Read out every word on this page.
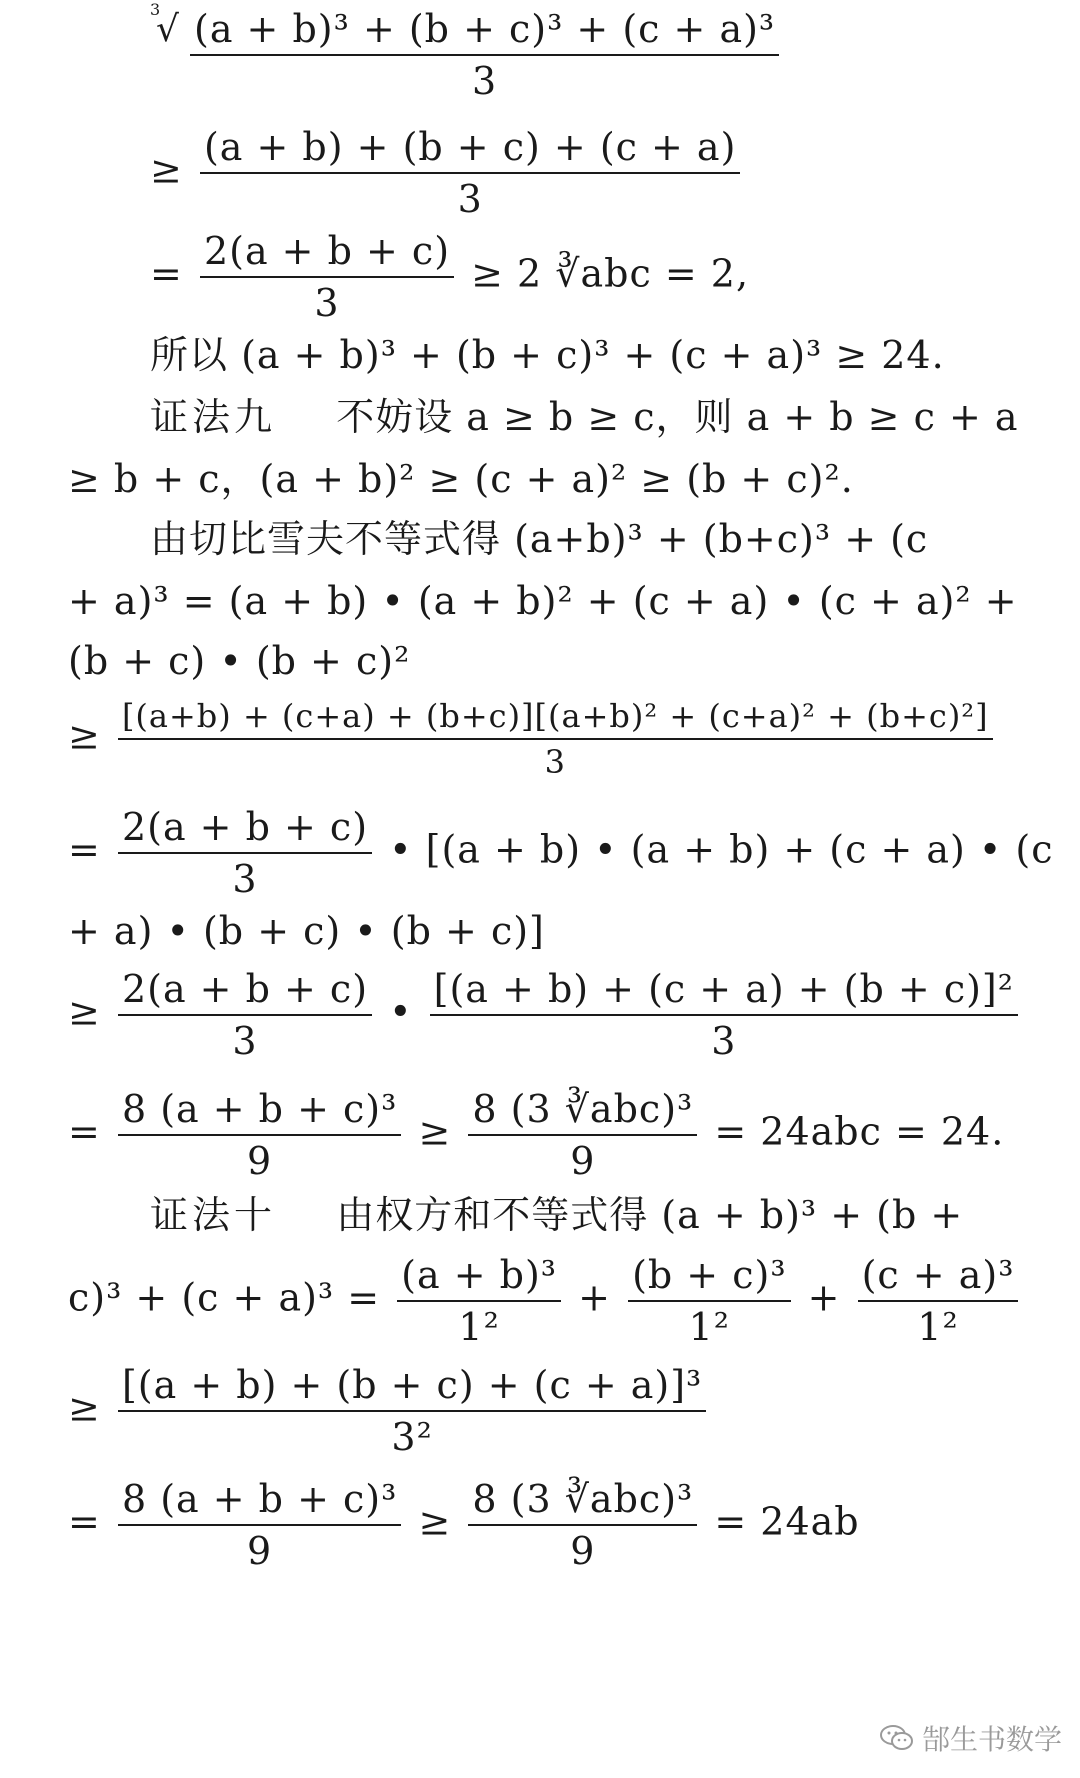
3
√ $\frac{\text{(a + b)³ + (b + c)³ + (c + a)³}}{3}$
≥ $\frac{(a + b) + (b + c) + (c + a)}{3}$
= $\frac{2(a + b + c)}{3} \ge 2$ ∛abc = 2,
所以 (a + b)³ + (b + c)³ + (c + a)³ ≥ 24.
证法九 不妨设 a ≥ b ≥ c，则 a + b ≥ c + a
≥ b + c，(a + b)² ≥ (c + a)² ≥ (b + c)².
由切比雪夫不等式得 (a+b)³ + (b+c)³ + (c
+ a)³ = (a + b) • (a + b)² + (c + a) • (c + a)² +
(b + c) • (b + c)²
≥ $\frac{\text{[(a+b) + (c+a) + (b+c)][(a+b)² + (c+a)² + (b+c)²]}}{3}$
= $\frac{2(a + b + c)}{3}$ • [(a + b) • (a + b) + (c + a) • (c
+ a) • (b + c) • (b + c)]
≥ $\frac{2(a + b + c)}{3}$ • $\frac{\text{[(a + b) + (c + a) + (b + c)]²}}{3}$
= $\frac{\text{8 (a + b + c)³}}{9} \ge \frac{\text{8 (3 ∛abc)³}}{9} = 24abc = 24$.
证法十 由权方和不等式得 (a + b)³ + (b +
$c)^3 + (c + a)^3 = \frac{\text{(a + b)³}}{\text{1²}} + \frac{\text{(b + c)³}}{\text{1²}} + \frac{\text{(c + a)³}}{\text{1²}}$
≥ $\frac{\text{[(a + b) + (b + c) + (c + a)]³}}{\text{3²}}$
= $\frac{\text{8 (a + b + c)³}}{9} \ge \frac{\text{8 (3 ∛abc)³}}{9} = 24ab$
郜生书数学
